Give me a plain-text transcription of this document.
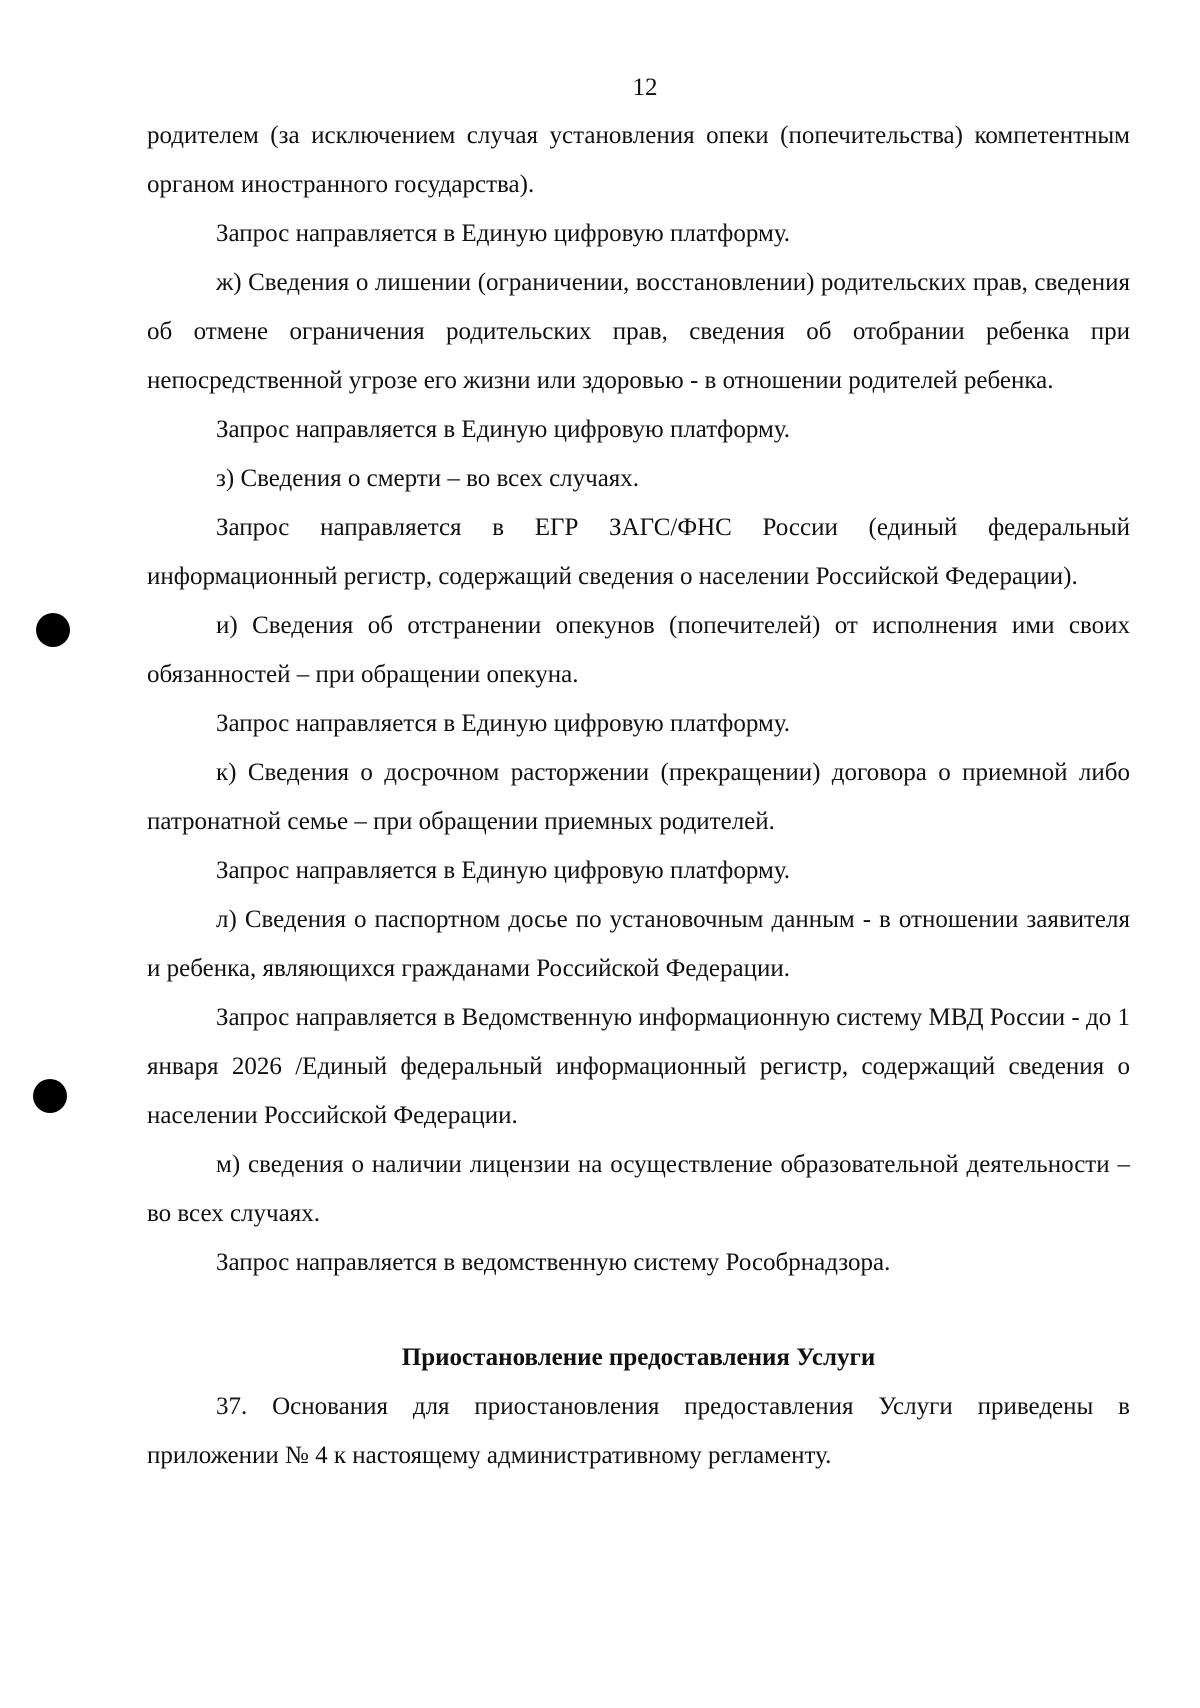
12

родителем (за исключением случая установления опеки (попечительства) компетентным органом иностранного государства).

Запрос направляется в Единую цифровую платформу.

ж) Сведения о лишении (ограничении, восстановлении) родительских прав, сведения об отмене ограничения родительских прав, сведения об отобрании ребенка при непосредственной угрозе его жизни или здоровью - в отношении родителей ребенка.

Запрос направляется в Единую цифровую платформу.

з) Сведения о смерти – во всех случаях.

Запрос направляется в ЕГР ЗАГС/ФНС России (единый федеральный информационный регистр, содержащий сведения о населении Российской Федерации).

и) Сведения об отстранении опекунов (попечителей) от исполнения ими своих обязанностей – при обращении опекуна.

Запрос направляется в Единую цифровую платформу.

к) Сведения о досрочном расторжении (прекращении) договора о приемной либо патронатной семье – при обращении приемных родителей.

Запрос направляется в Единую цифровую платформу.

л) Сведения о паспортном досье по установочным данным - в отношении заявителя и ребенка, являющихся гражданами Российской Федерации.

Запрос направляется в Ведомственную информационную систему МВД России - до 1 января 2026 /Единый федеральный информационный регистр, содержащий сведения о населении Российской Федерации.

м) сведения о наличии лицензии на осуществление образовательной деятельности – во всех случаях.

Запрос направляется в ведомственную систему Рособрнадзора.

Приостановление предоставления Услуги

37. Основания для приостановления предоставления Услуги приведены в приложении № 4 к настоящему административному регламенту.
